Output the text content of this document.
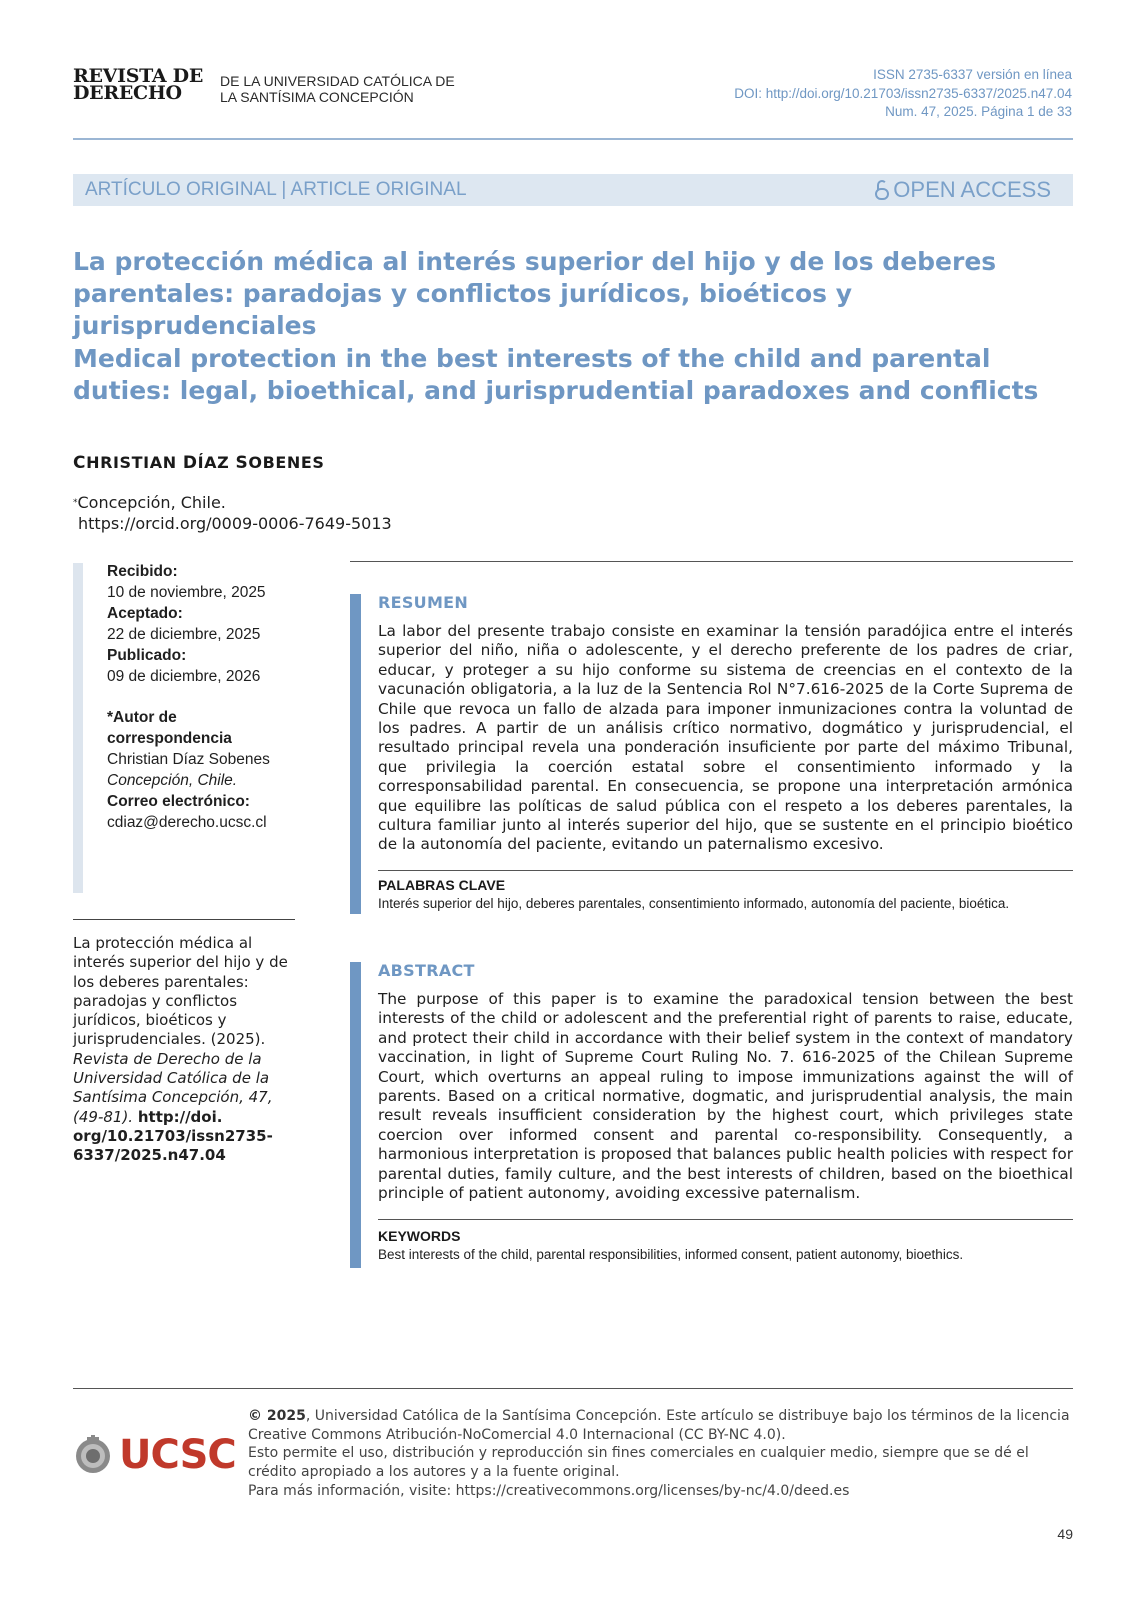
REVISTA DE
DERECHO
DE LA UNIVERSIDAD CATÓLICA DE
LA SANTÍSIMA CONCEPCIÓN
ISSN 2735-6337 versión en línea
DOI: http://doi.org/10.21703/issn2735-6337/2025.n47.04
Num. 47, 2025. Página 1 de 33
ARTÍCULO ORIGINAL | ARTICLE ORIGINAL	OPEN ACCESS
La protección médica al interés superior del hijo y de los deberes parentales: paradojas y conflictos jurídicos, bioéticos y jurisprudenciales
Medical protection in the best interests of the child and parental duties: legal, bioethical, and jurisprudential paradoxes and conflicts
CHRISTIAN DÍAZ SOBENES
*Concepción, Chile.
https://orcid.org/0009-0006-7649-5013
Recibido:
10 de noviembre, 2025
Aceptado:
22 de diciembre, 2025
Publicado:
09 de diciembre, 2026
*Autor de
correspondencia
Christian Díaz Sobenes
Concepción, Chile.
Correo electrónico:
cdiaz@derecho.ucsc.cl
La protección médica al interés superior del hijo y de los deberes parentales: paradojas y conflictos jurídicos, bioéticos y jurisprudenciales. (2025). Revista de Derecho de la Universidad Católica de la Santísima Concepción, 47, (49-81). http://doi. org/10.21703/issn2735-6337/2025.n47.04
RESUMEN
La labor del presente trabajo consiste en examinar la tensión paradójica entre el interés superior del niño, niña o adolescente, y el derecho preferente de los padres de criar, educar, y proteger a su hijo conforme su sistema de creencias en el contexto de la vacunación obligatoria, a la luz de la Sentencia Rol N°7.616-2025 de la Corte Suprema de Chile que revoca un fallo de alzada para imponer inmunizaciones contra la voluntad de los padres. A partir de un análisis crítico normativo, dogmático y jurisprudencial, el resultado principal revela una ponderación insuficiente por parte del máximo Tribunal, que privilegia la coerción estatal sobre el consentimiento informado y la corresponsabilidad parental. En consecuencia, se propone una interpretación armónica que equilibre las políticas de salud pública con el respeto a los deberes parentales, la cultura familiar junto al interés superior del hijo, que se sustente en el principio bioético de la autonomía del paciente, evitando un paternalismo excesivo.
PALABRAS CLAVE
Interés superior del hijo, deberes parentales, consentimiento informado, autonomía del paciente, bioética.
ABSTRACT
The purpose of this paper is to examine the paradoxical tension between the best interests of the child or adolescent and the preferential right of parents to raise, educate, and protect their child in accordance with their belief system in the context of mandatory vaccination, in light of Supreme Court Ruling No. 7. 616-2025 of the Chilean Supreme Court, which overturns an appeal ruling to impose immunizations against the will of parents. Based on a critical normative, dogmatic, and jurisprudential analysis, the main result reveals insufficient consideration by the highest court, which privileges state coercion over informed consent and parental co-responsibility. Consequently, a harmonious interpretation is proposed that balances public health policies with respect for parental duties, family culture, and the best interests of children, based on the bioethical principle of patient autonomy, avoiding excessive paternalism.
KEYWORDS
Best interests of the child, parental responsibilities, informed consent, patient autonomy, bioethics.
UCSC
© 2025, Universidad Católica de la Santísima Concepción. Este artículo se distribuye bajo los términos de la licencia Creative Commons Atribución-NoComercial 4.0 Internacional (CC BY-NC 4.0).
Esto permite el uso, distribución y reproducción sin fines comerciales en cualquier medio, siempre que se dé el crédito apropiado a los autores y a la fuente original.
Para más información, visite: https://creativecommons.org/licenses/by-nc/4.0/deed.es
49
